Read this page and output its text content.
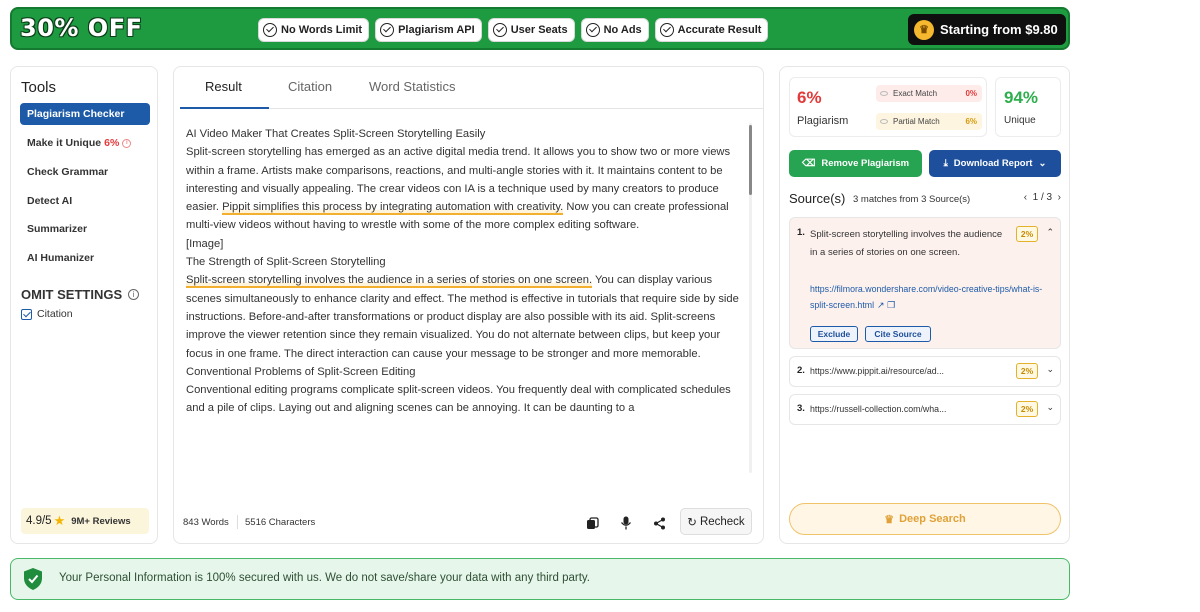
30% OFF	No Words Limit	Plagiarism API	User Seats	No Ads	Accurate Result	♛ Starting from $9.80
Tools
Plagiarism Checker
Make it Unique 6%	i
Check Grammar
Detect AI
Summarizer
AI Humanizer
OMIT SETTINGS	i
Citation
4.9/5 ★ 9M+ Reviews
Result	Citation	Word Statistics

AI Video Maker That Creates Split-Screen Storytelling Easily

Split-screen storytelling has emerged as an active digital media trend. It allows you to show two or more views within a frame. Artists make comparisons, reactions, and multi-angle stories with it. It maintains content to be interesting and visually appealing. The crear videos con IA is a technique used by many creators to produce easier. Pippit simplifies this process by integrating automation with creativity. Now you can create professional multi-view videos without having to wrestle with some of the more complex editing software.

[Image]

The Strength of Split-Screen Storytelling

Split-screen storytelling involves the audience in a series of stories on one screen. You can display various scenes simultaneously to enhance clarity and effect. The method is effective in tutorials that require side by side instructions. Before-and-after transformations or product display are also possible with its aid. Split-screens improve the viewer retention since they remain visualized. You do not alternate between clips, but keep your focus in one frame. The direct interaction can cause your message to be stronger and more memorable.

Conventional Problems of Split-Screen Editing

Conventional editing programs complicate split-screen videos. You frequently deal with complicated schedules and a pile of clips. Laying out and aligning scenes can be annoying. It can be daunting to a

843 Words 5516 Characters	↻ Recheck
6%
Plagiarism
Exact Match	0%
Partial Match	6%
94%
Unique
⌫ Remove Plagiarism	⤓ Download Report ⌄
Source(s) 3 matches from 3 Source(s)	‹ 1 / 3 ›
1. Split-screen storytelling involves the audience in a series of stories on one screen.
2%	⌃
https://filmora.wondershare.com/video-creative-tips/what-is-split-screen.html ↗ ❐
Exclude	Cite Source
2. https://www.pippit.ai/resource/ad...	2%	⌄
3. https://russell-collection.com/wha...	2%	⌄
♛ Deep Search
Your Personal Information is 100% secured with us. We do not save/share your data with any third party.
